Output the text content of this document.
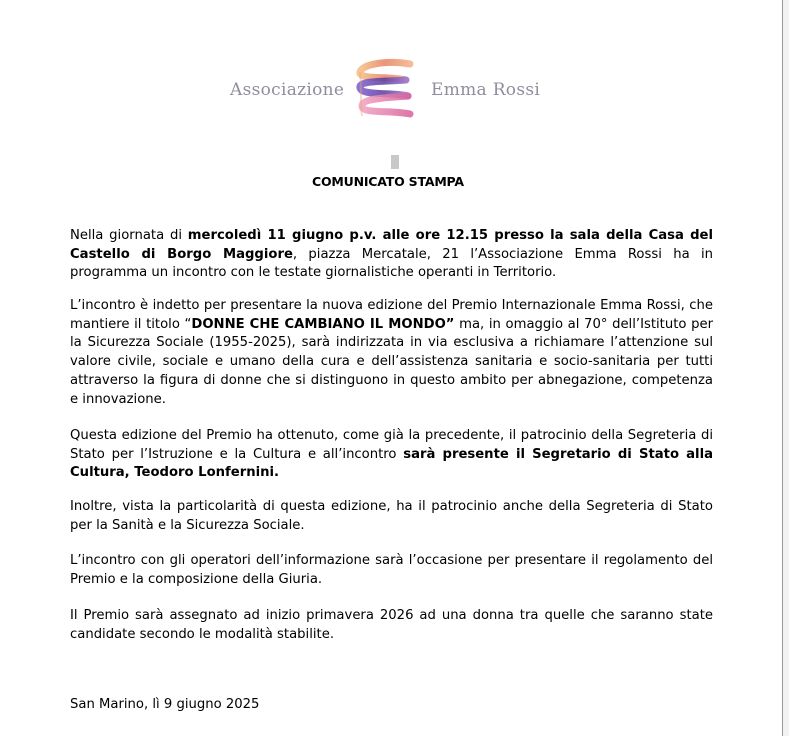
Associazione	Emma Rossi
COMUNICATO STAMPA

Nella giornata di mercoledì 11 giugno p.v. alle ore 12.15 presso la sala della Casa del Castello di Borgo Maggiore, piazza Mercatale, 21 l’Associazione Emma Rossi ha in programma un incontro con le testate giornalistiche operanti in Territorio.

L’incontro è indetto per presentare la nuova edizione del Premio Internazionale Emma Rossi, che mantiere il titolo “DONNE CHE CAMBIANO IL MONDO” ma, in omaggio al 70° dell’Istituto per la Sicurezza Sociale (1955-2025), sarà indirizzata in via esclusiva a richiamare l’attenzione sul valore civile, sociale e umano della cura e dell’assistenza sanitaria e socio-sanitaria per tutti attraverso la figura di donne che si distinguono in questo ambito per abnegazione, competenza e innovazione.

Questa edizione del Premio ha ottenuto, come già la precedente, il patrocinio della Segreteria di Stato per l’Istruzione e la Cultura e all’incontro sarà presente il Segretario di Stato alla Cultura, Teodoro Lonfernini.

Inoltre, vista la particolarità di questa edizione, ha il patrocinio anche della Segreteria di Stato per la Sanità e la Sicurezza Sociale.

L’incontro con gli operatori dell’informazione sarà l’occasione per presentare il regolamento del Premio e la composizione della Giuria.

Il Premio sarà assegnato ad inizio primavera 2026 ad una donna tra quelle che saranno state candidate secondo le modalità stabilite.

San Marino, lì 9 giugno 2025
